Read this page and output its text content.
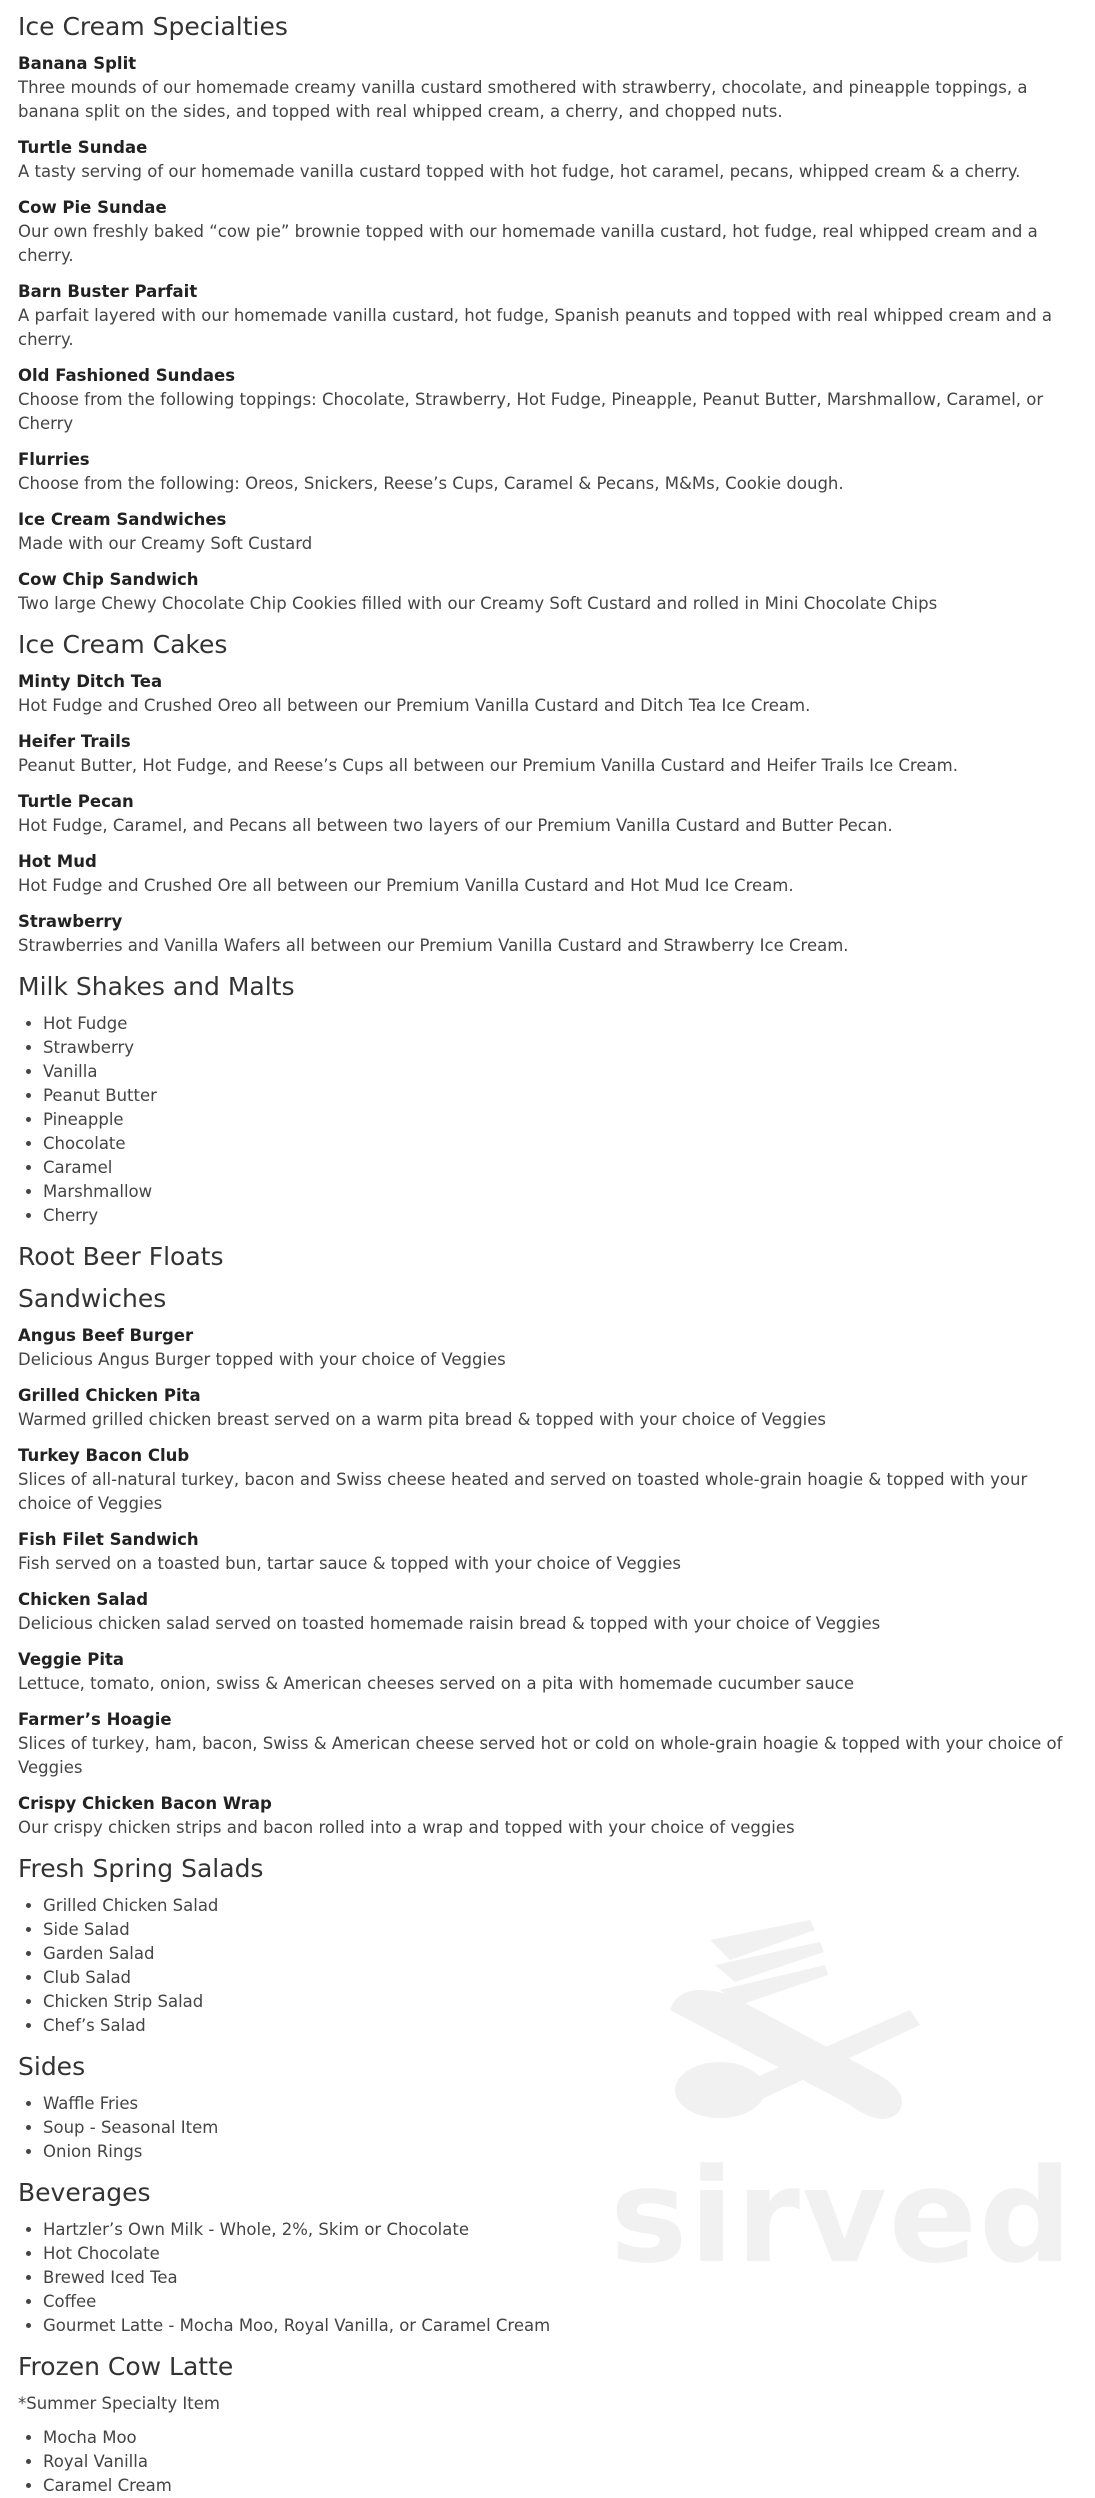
sirved
Ice Cream Specialties
Banana Split
Three mounds of our homemade creamy vanilla custard smothered with strawberry, chocolate, and pineapple toppings, a banana split on the sides, and topped with real whipped cream, a cherry, and chopped nuts.
Turtle Sundae
A tasty serving of our homemade vanilla custard topped with hot fudge, hot caramel, pecans, whipped cream & a cherry.
Cow Pie Sundae
Our own freshly baked “cow pie” brownie topped with our homemade vanilla custard, hot fudge, real whipped cream and a cherry.
Barn Buster Parfait
A parfait layered with our homemade vanilla custard, hot fudge, Spanish peanuts and topped with real whipped cream and a cherry.
Old Fashioned Sundaes
Choose from the following toppings: Chocolate, Strawberry, Hot Fudge, Pineapple, Peanut Butter, Marshmallow, Caramel, or Cherry
Flurries
Choose from the following: Oreos, Snickers, Reese’s Cups, Caramel & Pecans, M&Ms, Cookie dough.
Ice Cream Sandwiches
Made with our Creamy Soft Custard
Cow Chip Sandwich
Two large Chewy Chocolate Chip Cookies filled with our Creamy Soft Custard and rolled in Mini Chocolate Chips
Ice Cream Cakes
Minty Ditch Tea
Hot Fudge and Crushed Oreo all between our Premium Vanilla Custard and Ditch Tea Ice Cream.
Heifer Trails
Peanut Butter, Hot Fudge, and Reese’s Cups all between our Premium Vanilla Custard and Heifer Trails Ice Cream.
Turtle Pecan
Hot Fudge, Caramel, and Pecans all between two layers of our Premium Vanilla Custard and Butter Pecan.
Hot Mud
Hot Fudge and Crushed Ore all between our Premium Vanilla Custard and Hot Mud Ice Cream.
Strawberry
Strawberries and Vanilla Wafers all between our Premium Vanilla Custard and Strawberry Ice Cream.
Milk Shakes and Malts
• Hot Fudge
• Strawberry
• Vanilla
• Peanut Butter
• Pineapple
• Chocolate
• Caramel
• Marshmallow
• Cherry
Root Beer Floats
Sandwiches
Angus Beef Burger
Delicious Angus Burger topped with your choice of Veggies
Grilled Chicken Pita
Warmed grilled chicken breast served on a warm pita bread & topped with your choice of Veggies
Turkey Bacon Club
Slices of all-natural turkey, bacon and Swiss cheese heated and served on toasted whole-grain hoagie & topped with your choice of Veggies
Fish Filet Sandwich
Fish served on a toasted bun, tartar sauce & topped with your choice of Veggies
Chicken Salad
Delicious chicken salad served on toasted homemade raisin bread & topped with your choice of Veggies
Veggie Pita
Lettuce, tomato, onion, swiss & American cheeses served on a pita with homemade cucumber sauce
Farmer’s Hoagie
Slices of turkey, ham, bacon, Swiss & American cheese served hot or cold on whole-grain hoagie & topped with your choice of Veggies
Crispy Chicken Bacon Wrap
Our crispy chicken strips and bacon rolled into a wrap and topped with your choice of veggies
Fresh Spring Salads
• Grilled Chicken Salad
• Side Salad
• Garden Salad
• Club Salad
• Chicken Strip Salad
• Chef’s Salad
Sides
• Waffle Fries
• Soup - Seasonal Item
• Onion Rings
Beverages
• Hartzler’s Own Milk - Whole, 2%, Skim or Chocolate
• Hot Chocolate
• Brewed Iced Tea
• Coffee
• Gourmet Latte - Mocha Moo, Royal Vanilla, or Caramel Cream
Frozen Cow Latte
*Summer Specialty Item
• Mocha Moo
• Royal Vanilla
• Caramel Cream
